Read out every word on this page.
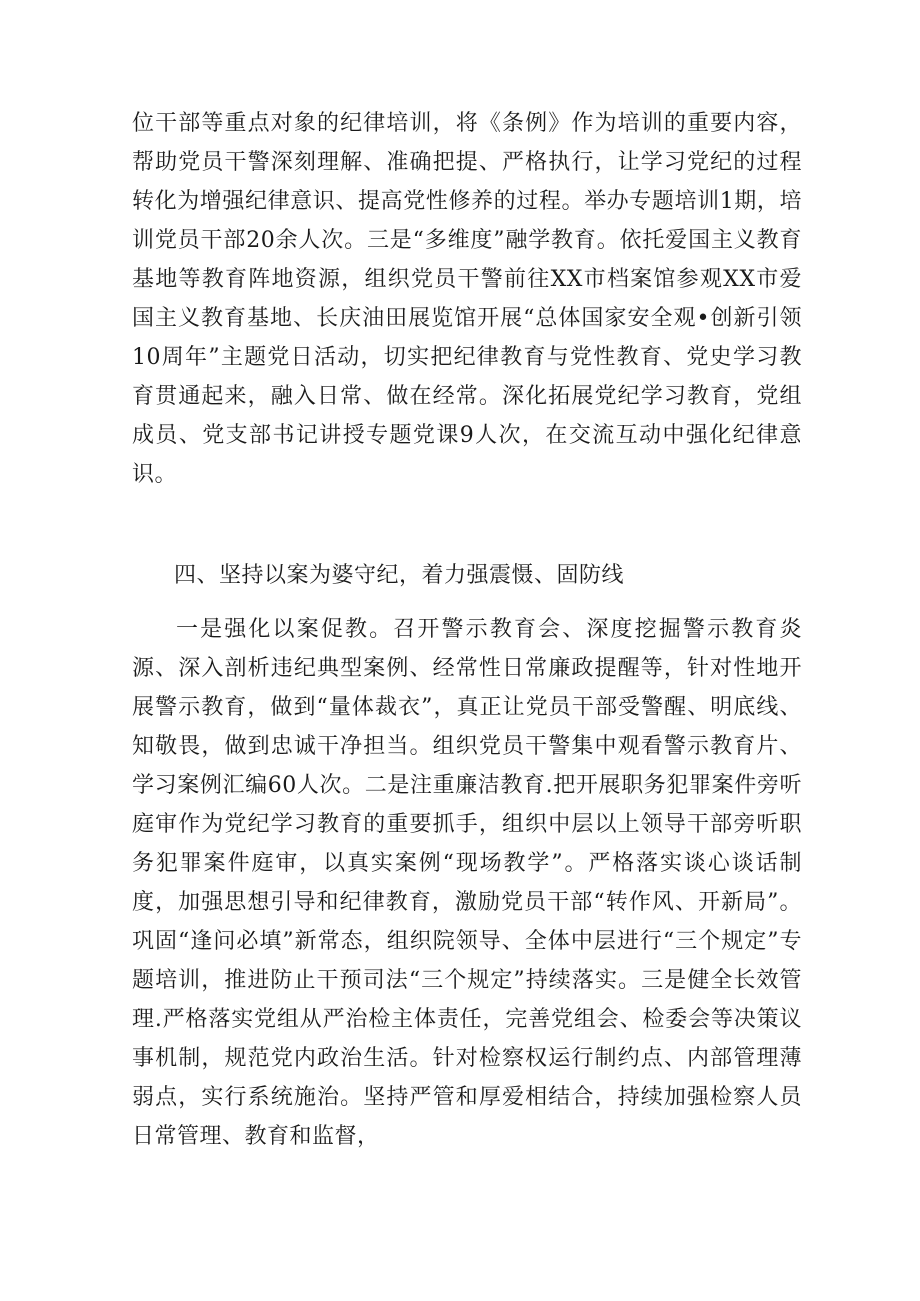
位干部等重点对象的纪律培训，将《条例》作为培训的重要内容，帮助党员干警深刻理解、准确把提、严格执行，让学习党纪的过程转化为增强纪律意识、提高党性修养的过程。举办专题培训1期，培训党员干部20余人次。三是“多维度”融学教育。依托爱国主义教育基地等教育阵地资源，组织党员干警前往XX市档案馆参观XX市爱国主义教育基地、长庆油田展览馆开展“总体国家安全观•创新引领10周年”主题党日活动，切实把纪律教育与党性教育、党史学习教育贯通起来，融入日常、做在经常。深化拓展党纪学习教育，党组成员、党支部书记讲授专题党课9人次，在交流互动中强化纪律意识。

四、坚持以案为婆守纪，着力强震慑、固防线

一是强化以案促教。召开警示教育会、深度挖掘警示教育炎源、深入剖析违纪典型案例、经常性日常廉政提醒等，针对性地开展警示教育，做到“量体裁衣”，真正让党员干部受警醒、明底线、知敬畏，做到忠诚干净担当。组织党员干警集中观看警示教育片、学习案例汇编60人次。二是注重廉洁教育.把开展职务犯罪案件旁听庭审作为党纪学习教育的重要抓手，组织中层以上领导干部旁听职务犯罪案件庭审，以真实案例“现场教学”。严格落实谈心谈话制度，加强思想引导和纪律教育，激励党员干部“转作风、开新局”。巩固“逢问必填”新常态，组织院领导、全体中层进行“三个规定”专题培训，推进防止干预司法“三个规定”持续落实。三是健全长效管理.严格落实党组从严治检主体责任，完善党组会、检委会等决策议事机制，规范党内政治生活。针对检察权运行制约点、内部管理薄弱点，实行系统施治。坚持严管和厚爱相结合，持续加强检察人员日常管理、教育和监督，
